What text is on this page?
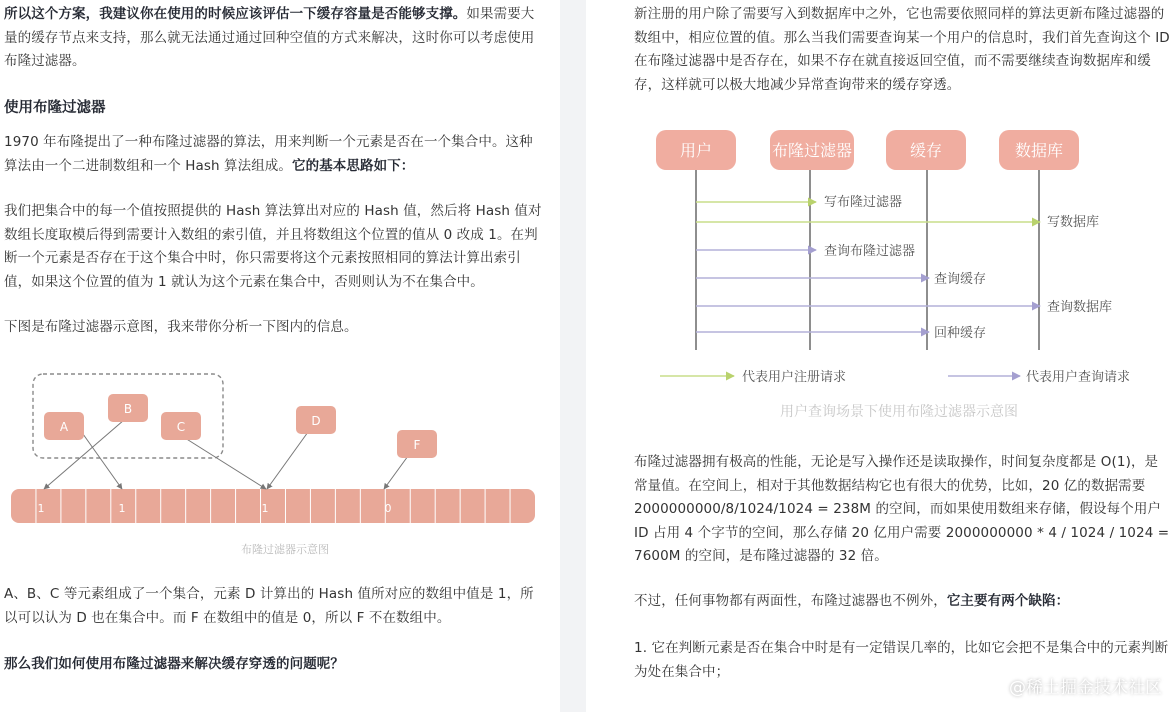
所以这个方案，我建议你在使用的时候应该评估一下缓存容量是否能够支撑。如果需要大量的缓存节点来支持，那么就无法通过通过回种空值的方式来解决，这时你可以考虑使用布隆过滤器。

使用布隆过滤器

1970 年布隆提出了一种布隆过滤器的算法，用来判断一个元素是否在一个集合中。这种算法由一个二进制数组和一个 Hash 算法组成。它的基本思路如下：

我们把集合中的每一个值按照提供的 Hash 算法算出对应的 Hash 值，然后将 Hash 值对数组长度取模后得到需要计入数组的索引值，并且将数组这个位置的值从 0 改成 1。在判断一个元素是否存在于这个集合中时，你只需要将这个元素按照相同的算法计算出索引值，如果这个位置的值为 1 就认为这个元素在集合中，否则则认为不在集合中。

下图是布隆过滤器示意图，我来带你分析一下图内的信息。

A
B
C	D
F
1	1	1	0
布隆过滤器示意图

A、B、C 等元素组成了一个集合，元素 D 计算出的 Hash 值所对应的数组中值是 1，所以可以认为 D 也在集合中。而 F 在数组中的值是 0，所以 F 不在数组中。

那么我们如何使用布隆过滤器来解决缓存穿透的问题呢？

新注册的用户除了需要写入到数据库中之外，它也需要依照同样的算法更新布隆过滤器的数组中，相应位置的值。那么当我们需要查询某一个用户的信息时，我们首先查询这个 ID 在布隆过滤器中是否存在，如果不存在就直接返回空值，而不需要继续查询数据库和缓存，这样就可以极大地减少异常查询带来的缓存穿透。

用户	布隆过滤器	缓存	数据库
写布隆过滤器
写数据库
查询布隆过滤器
查询缓存
查询数据库
回种缓存
代表用户注册请求	代表用户查询请求
用户查询场景下使用布隆过滤器示意图

布隆过滤器拥有极高的性能，无论是写入操作还是读取操作，时间复杂度都是 O(1)，是常量值。在空间上，相对于其他数据结构它也有很大的优势，比如，20 亿的数据需要 2000000000/8/1024/1024 = 238M 的空间，而如果使用数组来存储，假设每个用户 ID 占用 4 个字节的空间，那么存储 20 亿用户需要 2000000000 * 4 / 1024 / 1024 = 7600M 的空间，是布隆过滤器的 32 倍。

不过，任何事物都有两面性，布隆过滤器也不例外，它主要有两个缺陷：

1. 它在判断元素是否在集合中时是有一定错误几率的，比如它会把不是集合中的元素判断为处在集合中；

@稀土掘金技术社区
